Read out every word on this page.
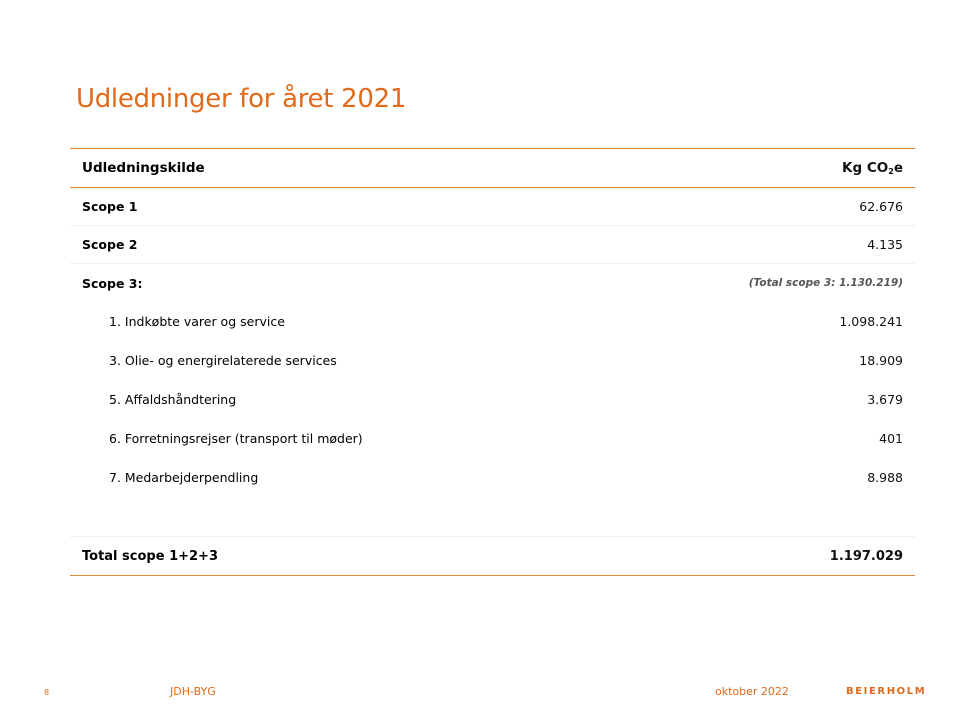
Udledninger for året 2021
Udledningskilde	Kg $CO_2e$
Scope 1	62.676
Scope 2	4.135
Scope 3:	(Total scope 3: 1.130.219)
1. Indkøbte varer og service	1.098.241
3. Olie- og energirelaterede services	18.909
5. Affaldshåndtering	3.679
6. Forretningsrejser (transport til møder)	401
7. Medarbejderpendling	8.988
Total scope 1+2+3	1.197.029
8	JDH-BYG	oktober 2022	BEIERHOLM
